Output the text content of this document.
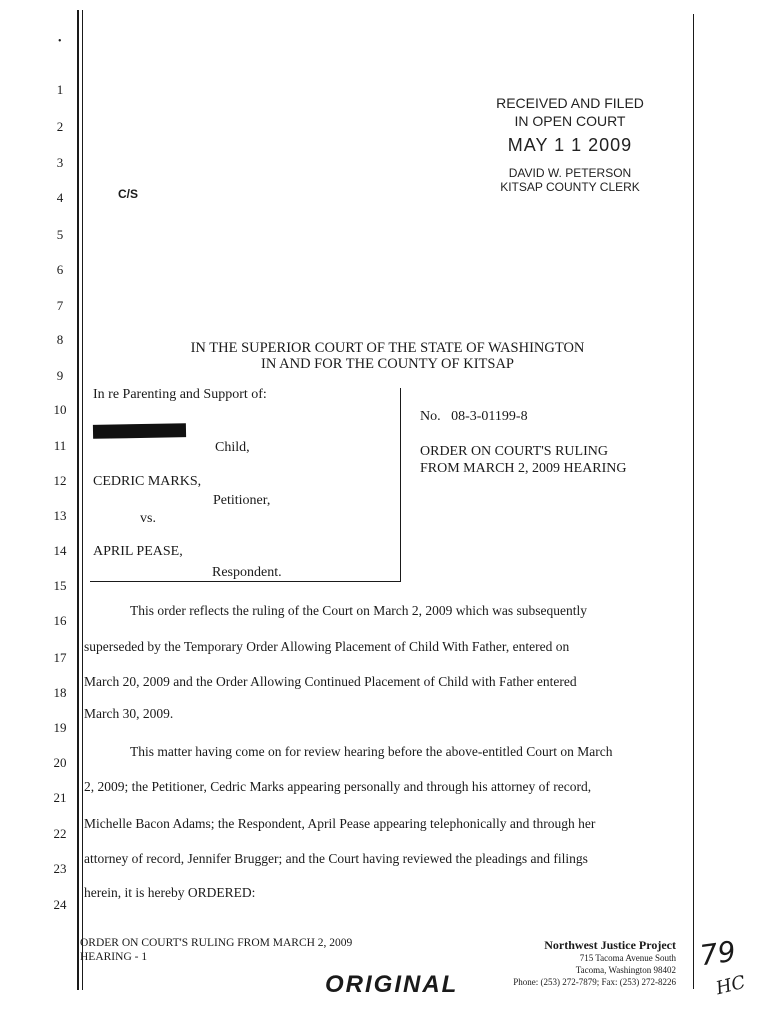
•
1
2
3
4
5
6
7
8
9
10
11
12
13
14
15
16
17
18
19
20
21
22
23
24
RECEIVED AND FILED
IN OPEN COURT
MAY 1 1 2009
DAVID W. PETERSON
KITSAP COUNTY CLERK
C/S
IN THE SUPERIOR COURT OF THE STATE OF WASHINGTON
IN AND FOR THE COUNTY OF KITSAP
In re Parenting and Support of:
Child,
CEDRIC MARKS,
Petitioner,
vs.
APRIL PEASE,
Respondent.
No.   08-3-01199-8
ORDER ON COURT'S RULING
FROM MARCH 2, 2009 HEARING
This order reflects the ruling of the Court on March 2, 2009 which was subsequently
superseded by the Temporary Order Allowing Placement of Child With Father, entered on
March 20, 2009 and the Order Allowing Continued Placement of Child with Father entered
March 30, 2009.
This matter having come on for review hearing before the above-entitled Court on March
2, 2009; the Petitioner, Cedric Marks appearing personally and through his attorney of record,
Michelle Bacon Adams; the Respondent, April Pease appearing telephonically and through her
attorney of record, Jennifer Brugger; and the Court having reviewed the pleadings and filings
herein, it is hereby ORDERED:
ORDER ON COURT'S RULING FROM MARCH 2, 2009
HEARING - 1
ORIGINAL
Northwest Justice Project
715 Tacoma Avenue South
Tacoma, Washington 98402
Phone: (253) 272-7879; Fax: (253) 272-8226
79
HC
